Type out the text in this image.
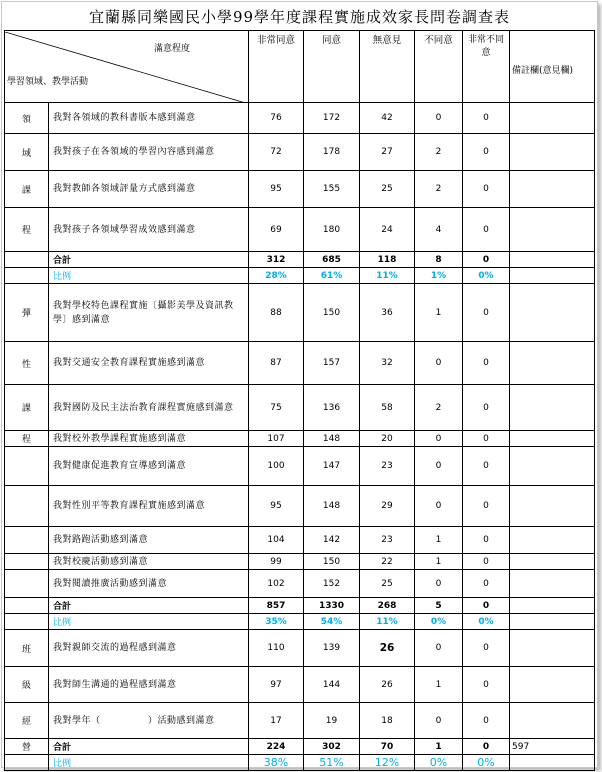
宜蘭縣同樂國民小學99學年度課程實施成效家長問卷調查表
滿意程度
學習領域、教學活動		非常同意	同意	無意見	不同意	非常不同意	備註欄(意見欄)
領	我對各領域的教科書版本感到滿意	76	172	42	0	0	
域	我對孩子在各領域的學習內容感到滿意	72	178	27	2	0	
課	我對教師各領域評量方式感到滿意	95	155	25	2	0	
程	我對孩子各領域學習成效感到滿意	69	180	24	4	0	
	合計	312	685	118	8	0	
	比例	28%	61%	11%	1%	0%	
彈	我對學校特色課程實施〔攝影美學及資訊教學〕感到滿意	88	150	36	1	0	
性	我對交通安全教育課程實施感到滿意	87	157	32	0	0	
課	我對國防及民主法治教育課程實施感到滿意	75	136	58	2	0	
程	我對校外教學課程實施感到滿意	107	148	20	0	0	
	我對健康促進教育宣導感到滿意	100	147	23	0	0	
	我對性別平等教育課程實施感到滿意	95	148	29	0	0	
	我對路跑活動感到滿意	104	142	23	1	0	
	我對校慶活動感到滿意	99	150	22	1	0	
	我對閱讀推廣活動感到滿意	102	152	25	0	0	
	合計	857	1330	268	5	0	
	比例	35%	54%	11%	0%	0%	
班	我對親師交流的過程感到滿意	110	139	26	0	0	
級	我對師生溝通的過程感到滿意	97	144	26	1	0	
經	我對學年（　　　　　）活動感到滿意	17	19	18	0	0	
營	合計	224	302	70	1	0	597
	比例	38%	51%	12%	0%	0%	
